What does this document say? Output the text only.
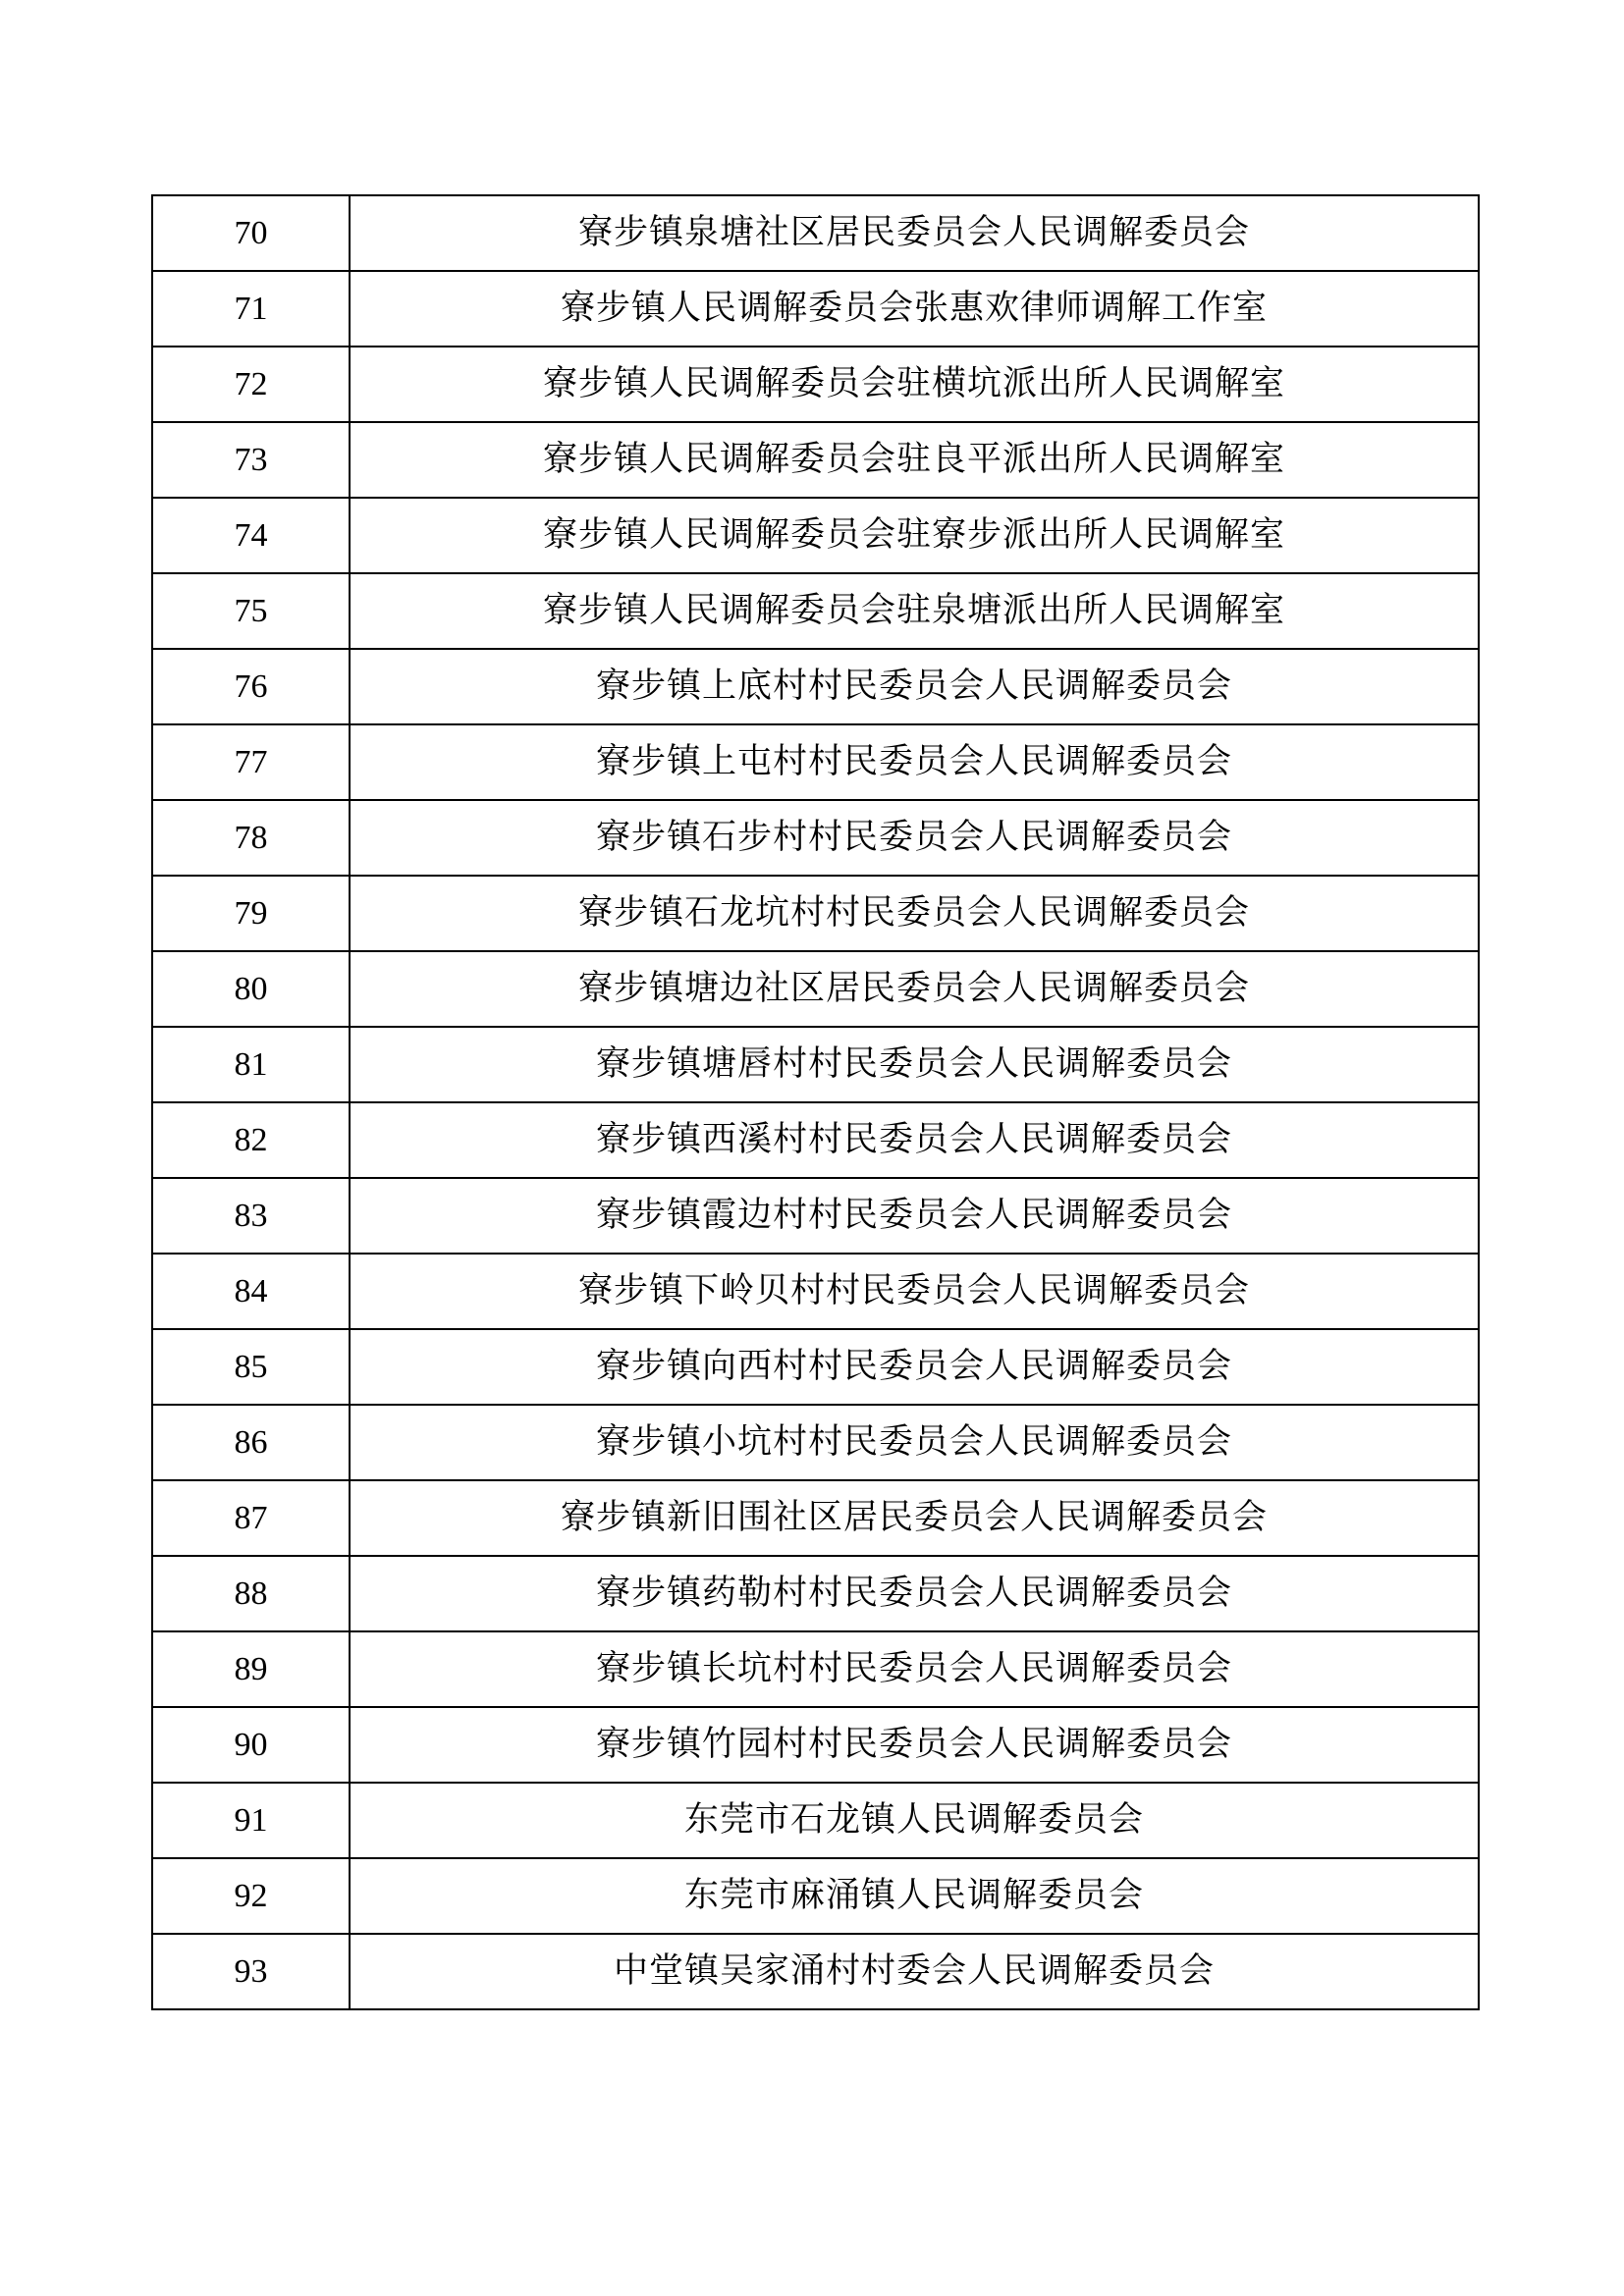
70	寮步镇泉塘社区居民委员会人民调解委员会
71	寮步镇人民调解委员会张惠欢律师调解工作室
72	寮步镇人民调解委员会驻横坑派出所人民调解室
73	寮步镇人民调解委员会驻良平派出所人民调解室
74	寮步镇人民调解委员会驻寮步派出所人民调解室
75	寮步镇人民调解委员会驻泉塘派出所人民调解室
76	寮步镇上底村村民委员会人民调解委员会
77	寮步镇上屯村村民委员会人民调解委员会
78	寮步镇石步村村民委员会人民调解委员会
79	寮步镇石龙坑村村民委员会人民调解委员会
80	寮步镇塘边社区居民委员会人民调解委员会
81	寮步镇塘唇村村民委员会人民调解委员会
82	寮步镇西溪村村民委员会人民调解委员会
83	寮步镇霞边村村民委员会人民调解委员会
84	寮步镇下岭贝村村民委员会人民调解委员会
85	寮步镇向西村村民委员会人民调解委员会
86	寮步镇小坑村村民委员会人民调解委员会
87	寮步镇新旧围社区居民委员会人民调解委员会
88	寮步镇药勒村村民委员会人民调解委员会
89	寮步镇长坑村村民委员会人民调解委员会
90	寮步镇竹园村村民委员会人民调解委员会
91	东莞市石龙镇人民调解委员会
92	东莞市麻涌镇人民调解委员会
93	中堂镇吴家涌村村委会人民调解委员会
